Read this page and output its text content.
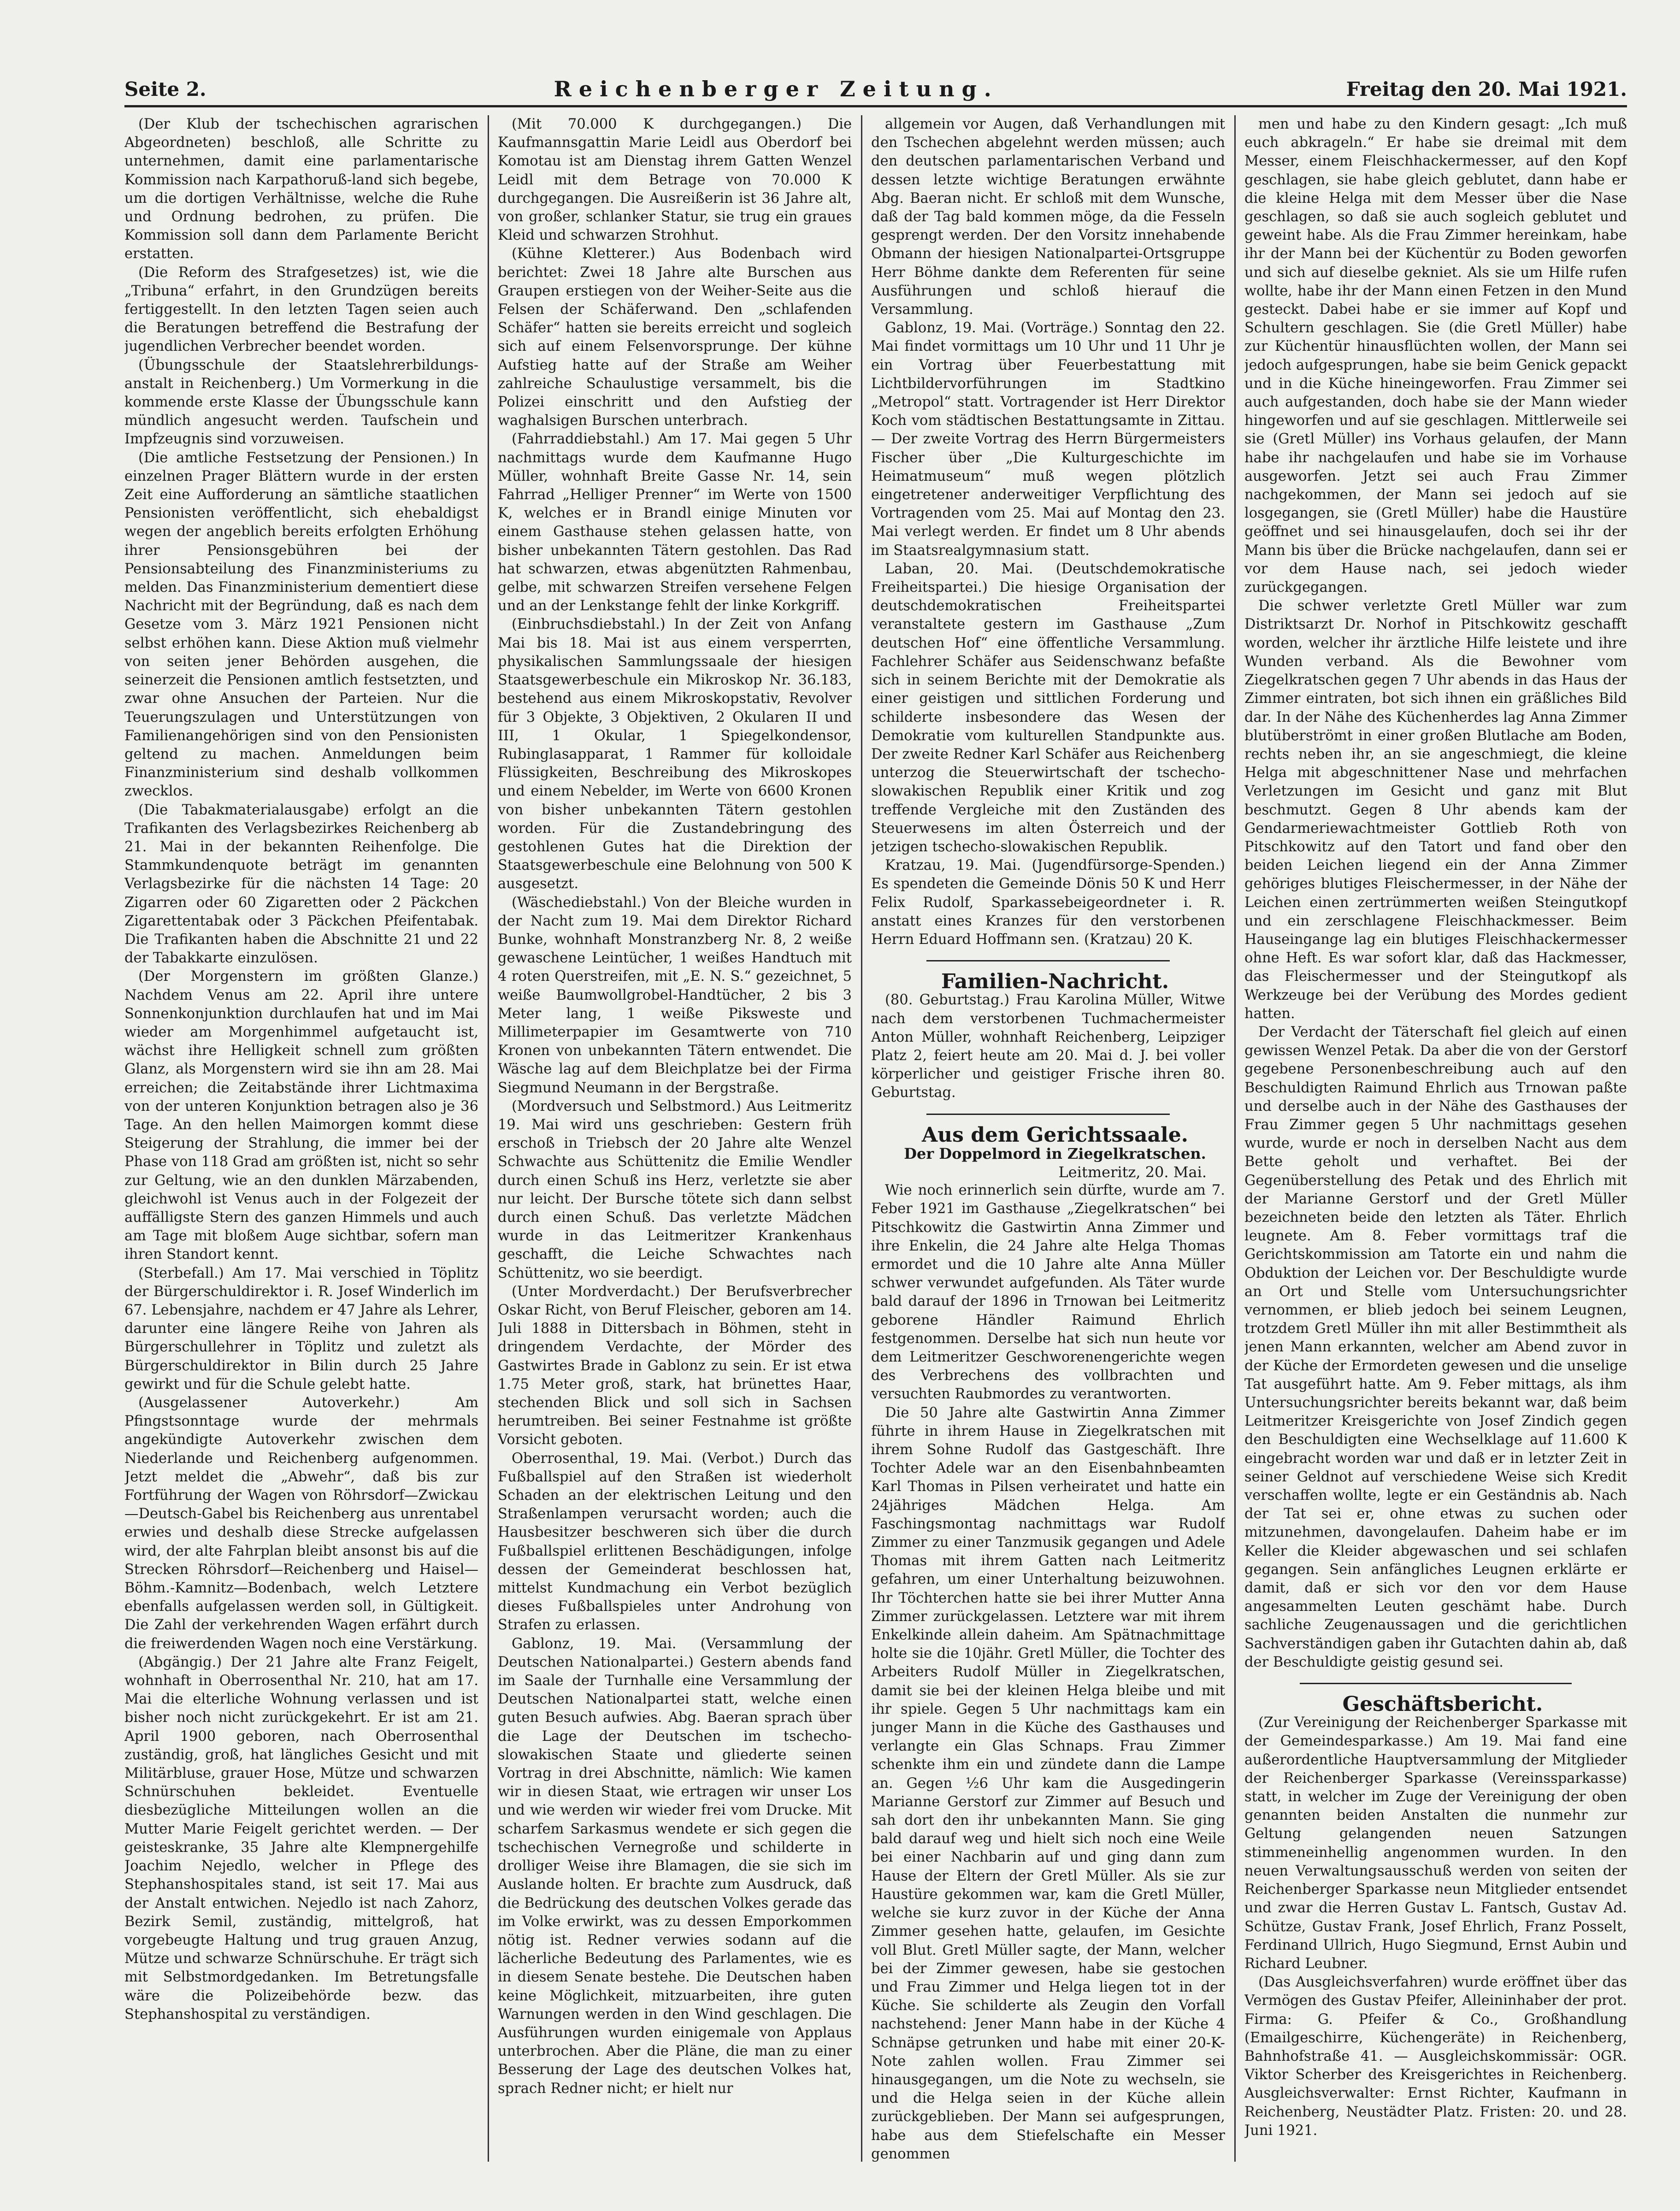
Seite 2.	Reichenberger Zeitung.	Freitag den 20. Mai 1921.

(Der Klub der tschechischen agrarischen Abgeordneten) beschloß, alle Schritte zu unternehmen, damit eine parlamentarische Kommission nach Karpathoruß-land sich begebe, um die dortigen Verhältnisse, welche die Ruhe und Ordnung bedrohen, zu prüfen. Die Kommission soll dann dem Parlamente Bericht erstatten.

(Die Reform des Strafgesetzes) ist, wie die „Tribuna“ erfahrt, in den Grundzügen bereits fertiggestellt. In den letzten Tagen seien auch die Beratungen betreffend die Bestrafung der jugendlichen Verbrecher beendet worden.

(Übungsschule der Staatslehrerbildungs-anstalt in Reichenberg.) Um Vormerkung in die kommende erste Klasse der Übungsschule kann mündlich angesucht werden. Taufschein und Impfzeugnis sind vorzuweisen.

(Die amtliche Festsetzung der Pensionen.) In einzelnen Prager Blättern wurde in der ersten Zeit eine Aufforderung an sämtliche staatlichen Pensionisten veröffentlicht, sich ehebaldigst wegen der angeblich bereits erfolgten Erhöhung ihrer Pensionsgebühren bei der Pensionsabteilung des Finanzministeriums zu melden. Das Finanzministerium dementiert diese Nachricht mit der Begründung, daß es nach dem Gesetze vom 3. März 1921 Pensionen nicht selbst erhöhen kann. Diese Aktion muß vielmehr von seiten jener Behörden ausgehen, die seinerzeit die Pensionen amtlich festsetzten, und zwar ohne Ansuchen der Parteien. Nur die Teuerungszulagen und Unterstützungen von Familienangehörigen sind von den Pensionisten geltend zu machen. Anmeldungen beim Finanzministerium sind deshalb vollkommen zwecklos.

(Die Tabakmaterialausgabe) erfolgt an die Trafikanten des Verlagsbezirkes Reichenberg ab 21. Mai in der bekannten Reihenfolge. Die Stammkundenquote beträgt im genannten Verlagsbezirke für die nächsten 14 Tage: 20 Zigarren oder 60 Zigaretten oder 2 Päckchen Zigarettentabak oder 3 Päckchen Pfeifentabak. Die Trafikanten haben die Abschnitte 21 und 22 der Tabakkarte einzulösen.

(Der Morgenstern im größten Glanze.) Nachdem Venus am 22. April ihre untere Sonnenkonjunktion durchlaufen hat und im Mai wieder am Morgenhimmel aufgetaucht ist, wächst ihre Helligkeit schnell zum größten Glanz, als Morgenstern wird sie ihn am 28. Mai erreichen; die Zeitabstände ihrer Lichtmaxima von der unteren Konjunktion betragen also je 36 Tage. An den hellen Maimorgen kommt diese Steigerung der Strahlung, die immer bei der Phase von 118 Grad am größten ist, nicht so sehr zur Geltung, wie an den dunklen Märzabenden, gleichwohl ist Venus auch in der Folgezeit der auffälligste Stern des ganzen Himmels und auch am Tage mit bloßem Auge sichtbar, sofern man ihren Standort kennt.

(Sterbefall.) Am 17. Mai verschied in Töplitz der Bürgerschuldirektor i. R. Josef Winderlich im 67. Lebensjahre, nachdem er 47 Jahre als Lehrer, darunter eine längere Reihe von Jahren als Bürgerschullehrer in Töplitz und zuletzt als Bürgerschuldirektor in Bilin durch 25 Jahre gewirkt und für die Schule gelebt hatte.

(Ausgelassener Autoverkehr.) Am Pfingstsonntage wurde der mehrmals angekündigte Autoverkehr zwischen dem Niederlande und Reichenberg aufgenommen. Jetzt meldet die „Abwehr“, daß bis zur Fortführung der Wagen von Röhrsdorf—Zwickau—Deutsch-Gabel bis Reichenberg aus unrentabel erwies und deshalb diese Strecke aufgelassen wird, der alte Fahrplan bleibt ansonst bis auf die Strecken Röhrsdorf—Reichenberg und Haisel—Böhm.-Kamnitz—Bodenbach, welch Letztere ebenfalls aufgelassen werden soll, in Gültigkeit. Die Zahl der verkehrenden Wagen erfährt durch die freiwerdenden Wagen noch eine Verstärkung.

(Abgängig.) Der 21 Jahre alte Franz Feigelt, wohnhaft in Oberrosenthal Nr. 210, hat am 17. Mai die elterliche Wohnung verlassen und ist bisher noch nicht zurückgekehrt. Er ist am 21. April 1900 geboren, nach Oberrosenthal zuständig, groß, hat längliches Gesicht und mit Militärbluse, grauer Hose, Mütze und schwarzen Schnürschuhen bekleidet. Eventuelle diesbezügliche Mitteilungen wollen an die Mutter Marie Feigelt gerichtet werden. — Der geisteskranke, 35 Jahre alte Klempnergehilfe Joachim Nejedlo, welcher in Pflege des Stephanshospitales stand, ist seit 17. Mai aus der Anstalt entwichen. Nejedlo ist nach Zahorz, Bezirk Semil, zuständig, mittelgroß, hat vorgebeugte Haltung und trug grauen Anzug, Mütze und schwarze Schnürschuhe. Er trägt sich mit Selbstmordgedanken. Im Betretungsfalle wäre die Polizeibehörde bezw. das Stephanshospital zu verständigen.

(Mit 70.000 K durchgegangen.) Die Kaufmannsgattin Marie Leidl aus Oberdorf bei Komotau ist am Dienstag ihrem Gatten Wenzel Leidl mit dem Betrage von 70.000 K durchgegangen. Die Ausreißerin ist 36 Jahre alt, von großer, schlanker Statur, sie trug ein graues Kleid und schwarzen Strohhut.

(Kühne Kletterer.) Aus Bodenbach wird berichtet: Zwei 18 Jahre alte Burschen aus Graupen erstiegen von der Weiher-Seite aus die Felsen der Schäferwand. Den „schlafenden Schäfer“ hatten sie bereits erreicht und sogleich sich auf einem Felsenvorsprunge. Der kühne Aufstieg hatte auf der Straße am Weiher zahlreiche Schaulustige versammelt, bis die Polizei einschritt und den Aufstieg der waghalsigen Burschen unterbrach.

(Fahrraddiebstahl.) Am 17. Mai gegen 5 Uhr nachmittags wurde dem Kaufmanne Hugo Müller, wohnhaft Breite Gasse Nr. 14, sein Fahrrad „Helliger Prenner“ im Werte von 1500 K, welches er in Brandl einige Minuten vor einem Gasthause stehen gelassen hatte, von bisher unbekannten Tätern gestohlen. Das Rad hat schwarzen, etwas abgenützten Rahmenbau, gelbe, mit schwarzen Streifen versehene Felgen und an der Lenkstange fehlt der linke Korkgriff.

(Einbruchsdiebstahl.) In der Zeit von Anfang Mai bis 18. Mai ist aus einem versperrten, physikalischen Sammlungssaale der hiesigen Staatsgewerbeschule ein Mikroskop Nr. 36.183, bestehend aus einem Mikroskopstativ, Revolver für 3 Objekte, 3 Objektiven, 2 Okularen II und III, 1 Okular, 1 Spiegelkondensor, Rubinglasapparat, 1 Rammer für kolloidale Flüssigkeiten, Beschreibung des Mikroskopes und einem Nebelder, im Werte von 6600 Kronen von bisher unbekannten Tätern gestohlen worden. Für die Zustandebringung des gestohlenen Gutes hat die Direktion der Staatsgewerbeschule eine Belohnung von 500 K ausgesetzt.

(Wäschediebstahl.) Von der Bleiche wurden in der Nacht zum 19. Mai dem Direktor Richard Bunke, wohnhaft Monstranzberg Nr. 8, 2 weiße gewaschene Leintücher, 1 weißes Handtuch mit 4 roten Querstreifen, mit „E. N. S.“ gezeichnet, 5 weiße Baumwollgrobel-Handtücher, 2 bis 3 Meter lang, 1 weiße Piksweste und Millimeterpapier im Gesamtwerte von 710 Kronen von unbekannten Tätern entwendet. Die Wäsche lag auf dem Bleichplatze bei der Firma Siegmund Neumann in der Bergstraße.

(Mordversuch und Selbstmord.) Aus Leitmeritz 19. Mai wird uns geschrieben: Gestern früh erschoß in Triebsch der 20 Jahre alte Wenzel Schwachte aus Schüttenitz die Emilie Wendler durch einen Schuß ins Herz, verletzte sie aber nur leicht. Der Bursche tötete sich dann selbst durch einen Schuß. Das verletzte Mädchen wurde in das Leitmeritzer Krankenhaus geschafft, die Leiche Schwachtes nach Schüttenitz, wo sie beerdigt.

(Unter Mordverdacht.) Der Berufsverbrecher Oskar Richt, von Beruf Fleischer, geboren am 14. Juli 1888 in Dittersbach in Böhmen, steht in dringendem Verdachte, der Mörder des Gastwirtes Brade in Gablonz zu sein. Er ist etwa 1.75 Meter groß, stark, hat brünettes Haar, stechenden Blick und soll sich in Sachsen herumtreiben. Bei seiner Festnahme ist größte Vorsicht geboten.

Oberrosenthal, 19. Mai. (Verbot.) Durch das Fußballspiel auf den Straßen ist wiederholt Schaden an der elektrischen Leitung und den Straßenlampen verursacht worden; auch die Hausbesitzer beschweren sich über die durch Fußballspiel erlittenen Beschädigungen, infolge dessen der Gemeinderat beschlossen hat, mittelst Kundmachung ein Verbot bezüglich dieses Fußballspieles unter Androhung von Strafen zu erlassen.

Gablonz, 19. Mai. (Versammlung der Deutschen Nationalpartei.) Gestern abends fand im Saale der Turnhalle eine Versammlung der Deutschen Nationalpartei statt, welche einen guten Besuch aufwies. Abg. Baeran sprach über die Lage der Deutschen im tschecho-slowakischen Staate und gliederte seinen Vortrag in drei Abschnitte, nämlich: Wie kamen wir in diesen Staat, wie ertragen wir unser Los und wie werden wir wieder frei vom Drucke. Mit scharfem Sarkasmus wendete er sich gegen die tschechischen Vernegroße und schilderte in drolliger Weise ihre Blamagen, die sie sich im Auslande holten. Er brachte zum Ausdruck, daß die Bedrückung des deutschen Volkes gerade das im Volke erwirkt, was zu dessen Emporkommen nötig ist. Redner verwies sodann auf die lächerliche Bedeutung des Parlamentes, wie es in diesem Senate bestehe. Die Deutschen haben keine Möglichkeit, mitzuarbeiten, ihre guten Warnungen werden in den Wind geschlagen. Die Ausführungen wurden einigemale von Applaus unterbrochen. Aber die Pläne, die man zu einer Besserung der Lage des deutschen Volkes hat, sprach Redner nicht; er hielt nur

allgemein vor Augen, daß Verhandlungen mit den Tschechen abgelehnt werden müssen; auch den deutschen parlamentarischen Verband und dessen letzte wichtige Beratungen erwähnte Abg. Baeran nicht. Er schloß mit dem Wunsche, daß der Tag bald kommen möge, da die Fesseln gesprengt werden. Der den Vorsitz innehabende Obmann der hiesigen Nationalpartei-Ortsgruppe Herr Böhme dankte dem Referenten für seine Ausführungen und schloß hierauf die Versammlung.

Gablonz, 19. Mai. (Vorträge.) Sonntag den 22. Mai findet vormittags um 10 Uhr und 11 Uhr je ein Vortrag über Feuerbestattung mit Lichtbildervorführungen im Stadtkino „Metropol“ statt. Vortragender ist Herr Direktor Koch vom städtischen Bestattungsamte in Zittau. — Der zweite Vortrag des Herrn Bürgermeisters Fischer über „Die Kulturgeschichte im Heimatmuseum“ muß wegen plötzlich eingetretener anderweitiger Verpflichtung des Vortragenden vom 25. Mai auf Montag den 23. Mai verlegt werden. Er findet um 8 Uhr abends im Staatsrealgymnasium statt.

Laban, 20. Mai. (Deutschdemokratische Freiheitspartei.) Die hiesige Organisation der deutschdemokratischen Freiheitspartei veranstaltete gestern im Gasthause „Zum deutschen Hof“ eine öffentliche Versammlung. Fachlehrer Schäfer aus Seidenschwanz befaßte sich in seinem Berichte mit der Demokratie als einer geistigen und sittlichen Forderung und schilderte insbesondere das Wesen der Demokratie vom kulturellen Standpunkte aus. Der zweite Redner Karl Schäfer aus Reichenberg unterzog die Steuerwirtschaft der tschecho-slowakischen Republik einer Kritik und zog treffende Vergleiche mit den Zuständen des Steuerwesens im alten Österreich und der jetzigen tschecho-slowakischen Republik.

Kratzau, 19. Mai. (Jugendfürsorge-Spenden.) Es spendeten die Gemeinde Dönis 50 K und Herr Felix Rudolf, Sparkassebeigeordneter i. R. anstatt eines Kranzes für den verstorbenen Herrn Eduard Hoffmann sen. (Kratzau) 20 K.

Familien-Nachricht.

(80. Geburtstag.) Frau Karolina Müller, Witwe nach dem verstorbenen Tuchmachermeister Anton Müller, wohnhaft Reichenberg, Leipziger Platz 2, feiert heute am 20. Mai d. J. bei voller körperlicher und geistiger Frische ihren 80. Geburtstag.

Aus dem Gerichtssaale.

Der Doppelmord in Ziegelkratschen.

Leitmeritz, 20. Mai.

Wie noch erinnerlich sein dürfte, wurde am 7. Feber 1921 im Gasthause „Ziegelkratschen“ bei Pitschkowitz die Gastwirtin Anna Zimmer und ihre Enkelin, die 24 Jahre alte Helga Thomas ermordet und die 10 Jahre alte Anna Müller schwer verwundet aufgefunden. Als Täter wurde bald darauf der 1896 in Trnowan bei Leitmeritz geborene Händler Raimund Ehrlich festgenommen. Derselbe hat sich nun heute vor dem Leitmeritzer Geschworenengerichte wegen des Verbrechens des vollbrachten und versuchten Raubmordes zu verantworten.

Die 50 Jahre alte Gastwirtin Anna Zimmer führte in ihrem Hause in Ziegelkratschen mit ihrem Sohne Rudolf das Gastgeschäft. Ihre Tochter Adele war an den Eisenbahnbeamten Karl Thomas in Pilsen verheiratet und hatte ein 24jähriges Mädchen Helga. Am Faschingsmontag nachmittags war Rudolf Zimmer zu einer Tanzmusik gegangen und Adele Thomas mit ihrem Gatten nach Leitmeritz gefahren, um einer Unterhaltung beizuwohnen. Ihr Töchterchen hatte sie bei ihrer Mutter Anna Zimmer zurückgelassen. Letztere war mit ihrem Enkelkinde allein daheim. Am Spätnachmittage holte sie die 10jähr. Gretl Müller, die Tochter des Arbeiters Rudolf Müller in Ziegelkratschen, damit sie bei der kleinen Helga bleibe und mit ihr spiele. Gegen 5 Uhr nachmittags kam ein junger Mann in die Küche des Gasthauses und verlangte ein Glas Schnaps. Frau Zimmer schenkte ihm ein und zündete dann die Lampe an. Gegen ½6 Uhr kam die Ausgedingerin Marianne Gerstorf zur Zimmer auf Besuch und sah dort den ihr unbekannten Mann. Sie ging bald darauf weg und hielt sich noch eine Weile bei einer Nachbarin auf und ging dann zum Hause der Eltern der Gretl Müller. Als sie zur Haustüre gekommen war, kam die Gretl Müller, welche sie kurz zuvor in der Küche der Anna Zimmer gesehen hatte, gelaufen, im Gesichte voll Blut. Gretl Müller sagte, der Mann, welcher bei der Zimmer gewesen, habe sie gestochen und Frau Zimmer und Helga liegen tot in der Küche. Sie schilderte als Zeugin den Vorfall nachstehend: Jener Mann habe in der Küche 4 Schnäpse getrunken und habe mit einer 20-K-Note zahlen wollen. Frau Zimmer sei hinausgegangen, um die Note zu wechseln, sie und die Helga seien in der Küche allein zurückgeblieben. Der Mann sei aufgesprungen, habe aus dem Stiefelschafte ein Messer genommen

men und habe zu den Kindern gesagt: „Ich muß euch abkrageln.“ Er habe sie dreimal mit dem Messer, einem Fleischhackermesser, auf den Kopf geschlagen, sie habe gleich geblutet, dann habe er die kleine Helga mit dem Messer über die Nase geschlagen, so daß sie auch sogleich geblutet und geweint habe. Als die Frau Zimmer hereinkam, habe ihr der Mann bei der Küchentür zu Boden geworfen und sich auf dieselbe gekniet. Als sie um Hilfe rufen wollte, habe ihr der Mann einen Fetzen in den Mund gesteckt. Dabei habe er sie immer auf Kopf und Schultern geschlagen. Sie (die Gretl Müller) habe zur Küchentür hinausflüchten wollen, der Mann sei jedoch aufgesprungen, habe sie beim Genick gepackt und in die Küche hineingeworfen. Frau Zimmer sei auch aufgestanden, doch habe sie der Mann wieder hingeworfen und auf sie geschlagen. Mittlerweile sei sie (Gretl Müller) ins Vorhaus gelaufen, der Mann habe ihr nachgelaufen und habe sie im Vorhause ausgeworfen. Jetzt sei auch Frau Zimmer nachgekommen, der Mann sei jedoch auf sie losgegangen, sie (Gretl Müller) habe die Haustüre geöffnet und sei hinausgelaufen, doch sei ihr der Mann bis über die Brücke nachgelaufen, dann sei er vor dem Hause nach, sei jedoch wieder zurückgegangen.

Die schwer verletzte Gretl Müller war zum Distriktsarzt Dr. Norhof in Pitschkowitz geschafft worden, welcher ihr ärztliche Hilfe leistete und ihre Wunden verband. Als die Bewohner vom Ziegelkratschen gegen 7 Uhr abends in das Haus der Zimmer eintraten, bot sich ihnen ein gräßliches Bild dar. In der Nähe des Küchenherdes lag Anna Zimmer blutüberströmt in einer großen Blutlache am Boden, rechts neben ihr, an sie angeschmiegt, die kleine Helga mit abgeschnittener Nase und mehrfachen Verletzungen im Gesicht und ganz mit Blut beschmutzt. Gegen 8 Uhr abends kam der Gendarmeriewachtmeister Gottlieb Roth von Pitschkowitz auf den Tatort und fand ober den beiden Leichen liegend ein der Anna Zimmer gehöriges blutiges Fleischermesser, in der Nähe der Leichen einen zertrümmerten weißen Steingutkopf und ein zerschlagene Fleischhackmesser. Beim Hauseingange lag ein blutiges Fleischhackermesser ohne Heft. Es war sofort klar, daß das Hackmesser, das Fleischermesser und der Steingutkopf als Werkzeuge bei der Verübung des Mordes gedient hatten.

Der Verdacht der Täterschaft fiel gleich auf einen gewissen Wenzel Petak. Da aber die von der Gerstorf gegebene Personenbeschreibung auch auf den Beschuldigten Raimund Ehrlich aus Trnowan paßte und derselbe auch in der Nähe des Gasthauses der Frau Zimmer gegen 5 Uhr nachmittags gesehen wurde, wurde er noch in derselben Nacht aus dem Bette geholt und verhaftet. Bei der Gegenüberstellung des Petak und des Ehrlich mit der Marianne Gerstorf und der Gretl Müller bezeichneten beide den letzten als Täter. Ehrlich leugnete. Am 8. Feber vormittags traf die Gerichtskommission am Tatorte ein und nahm die Obduktion der Leichen vor. Der Beschuldigte wurde an Ort und Stelle vom Untersuchungsrichter vernommen, er blieb jedoch bei seinem Leugnen, trotzdem Gretl Müller ihn mit aller Bestimmtheit als jenen Mann erkannten, welcher am Abend zuvor in der Küche der Ermordeten gewesen und die unselige Tat ausgeführt hatte. Am 9. Feber mittags, als ihm Untersuchungsrichter bereits bekannt war, daß beim Leitmeritzer Kreisgerichte von Josef Zindich gegen den Beschuldigten eine Wechselklage auf 11.600 K eingebracht worden war und daß er in letzter Zeit in seiner Geldnot auf verschiedene Weise sich Kredit verschaffen wollte, legte er ein Geständnis ab. Nach der Tat sei er, ohne etwas zu suchen oder mitzunehmen, davongelaufen. Daheim habe er im Keller die Kleider abgewaschen und sei schlafen gegangen. Sein anfängliches Leugnen erklärte er damit, daß er sich vor den vor dem Hause angesammelten Leuten geschämt habe. Durch sachliche Zeugenaussagen und die gerichtlichen Sachverständigen gaben ihr Gutachten dahin ab, daß der Beschuldigte geistig gesund sei.

Geschäftsbericht.

(Zur Vereinigung der Reichenberger Sparkasse mit der Gemeindesparkasse.) Am 19. Mai fand eine außerordentliche Hauptversammlung der Mitglieder der Reichenberger Sparkasse (Vereinssparkasse) statt, in welcher im Zuge der Vereinigung der oben genannten beiden Anstalten die nunmehr zur Geltung gelangenden neuen Satzungen stimmeneinhellig angenommen wurden. In den neuen Verwaltungsausschuß werden von seiten der Reichenberger Sparkasse neun Mitglieder entsendet und zwar die Herren Gustav L. Fantsch, Gustav Ad. Schütze, Gustav Frank, Josef Ehrlich, Franz Posselt, Ferdinand Ullrich, Hugo Siegmund, Ernst Aubin und Richard Leubner.

(Das Ausgleichsverfahren) wurde eröffnet über das Vermögen des Gustav Pfeifer, Alleininhaber der prot. Firma: G. Pfeifer & Co., Großhandlung (Emailgeschirre, Küchengeräte) in Reichenberg, Bahnhofstraße 41. — Ausgleichskommissär: OGR. Viktor Scherber des Kreisgerichtes in Reichenberg. Ausgleichsverwalter: Ernst Richter, Kaufmann in Reichenberg, Neustädter Platz. Fristen: 20. und 28. Juni 1921.
